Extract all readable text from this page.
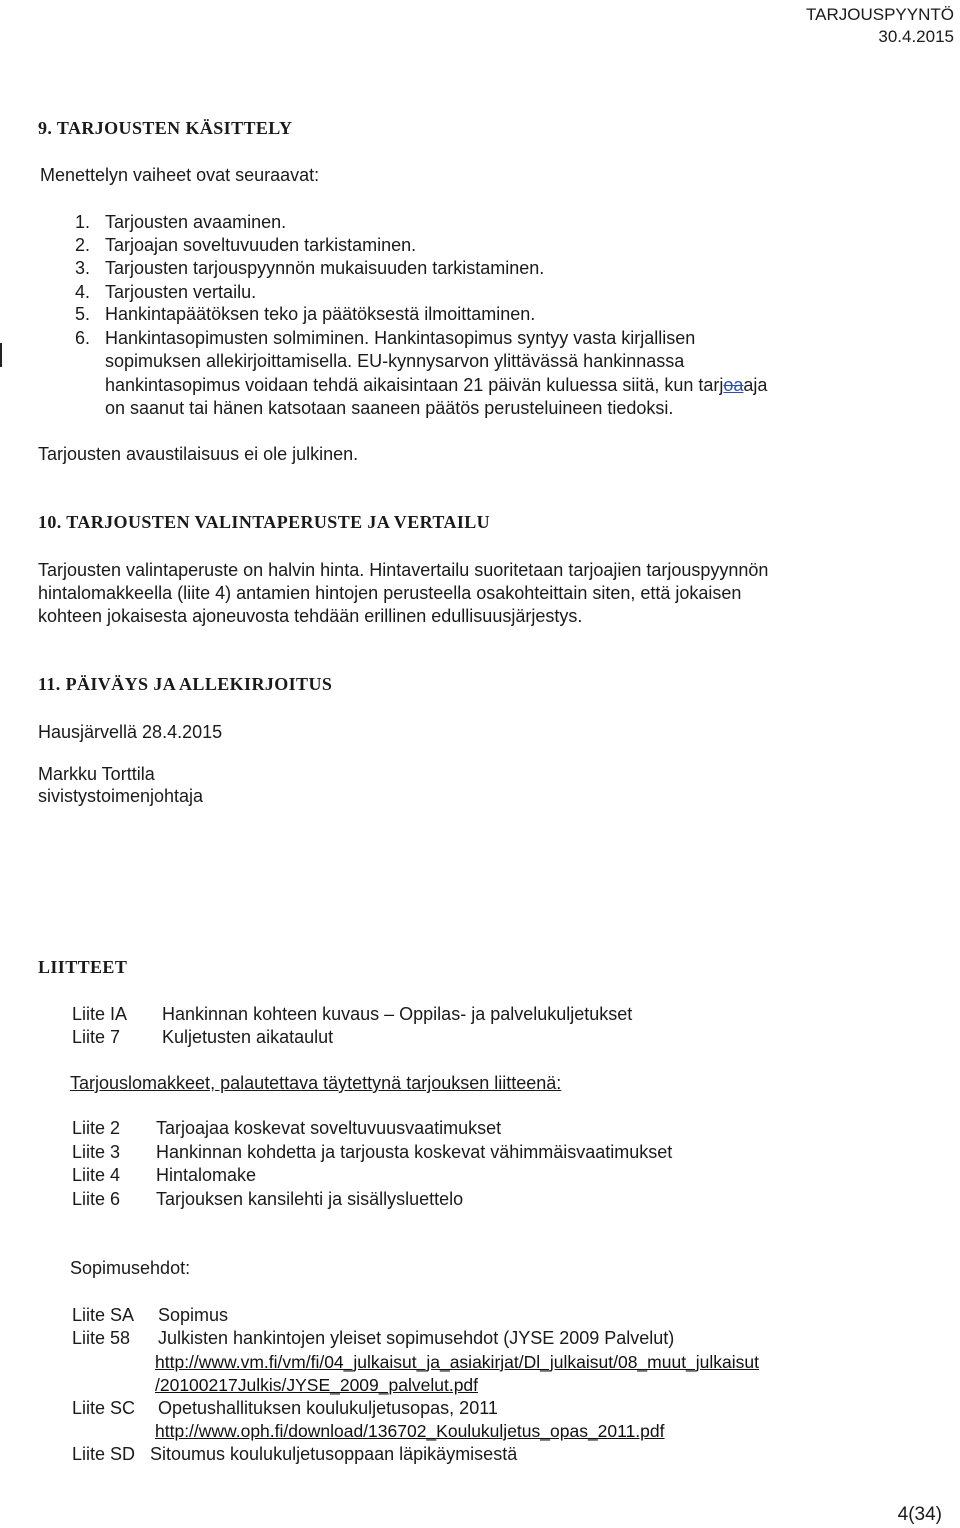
TARJOUSPYYNTÖ
30.4.2015
9. TARJOUSTEN KÄSITTELY
Menettelyn vaiheet ovat seuraavat:
1. Tarjousten avaaminen.
2. Tarjoajan soveltuvuuden tarkistaminen.
3. Tarjousten tarjouspyynnön mukaisuuden tarkistaminen.
4. Tarjousten vertailu.
5. Hankintapäätöksen teko ja päätöksestä ilmoittaminen.
6. Hankintasopimusten solmiminen. Hankintasopimus syntyy vasta kirjallisen
sopimuksen allekirjoittamisella. EU-kynnysarvon ylittävässä hankinnassa
hankintasopimus voidaan tehdä aikaisintaan 21 päivän kuluessa siitä, kun tarjoaaja
on saanut tai hänen katsotaan saaneen päätös perusteluineen tiedoksi.
Tarjousten avaustilaisuus ei ole julkinen.
10. TARJOUSTEN VALINTAPERUSTE JA VERTAILU
Tarjousten valintaperuste on halvin hinta. Hintavertailu suoritetaan tarjoajien tarjouspyynnön
hintalomakkeella (liite 4) antamien hintojen perusteella osakohteittain siten, että jokaisen
kohteen jokaisesta ajoneuvosta tehdään erillinen edullisuusjärjestys.
11. PÄIVÄYS JA ALLEKIRJOITUS
Hausjärvellä 28.4.2015
Markku Torttila
sivistystoimenjohtaja
LIITTEET
Liite IA Hankinnan kohteen kuvaus – Oppilas- ja palvelukuljetukset
Liite 7 Kuljetusten aikataulut
Tarjouslomakkeet, palautettava täytettynä tarjouksen liitteenä:
Liite 2 Tarjoajaa koskevat soveltuvuusvaatimukset
Liite 3 Hankinnan kohdetta ja tarjousta koskevat vähimmäisvaatimukset
Liite 4 Hintalomake
Liite 6 Tarjouksen kansilehti ja sisällysluettelo
Sopimusehdot:
Liite SA Sopimus
Liite 58 Julkisten hankintojen yleiset sopimusehdot (JYSE 2009 Palvelut)
http://www.vm.fi/vm/fi/04_julkaisut_ja_asiakirjat/Dl_julkaisut/08_muut_julkaisut
/20100217Julkis/JYSE_2009_palvelut.pdf
Liite SC Opetushallituksen koulukuljetusopas, 2011
http://www.oph.fi/download/136702_Koulukuljetus_opas_2011.pdf
Liite SD Sitoumus koulukuljetusoppaan läpikäymisestä
4(34)
